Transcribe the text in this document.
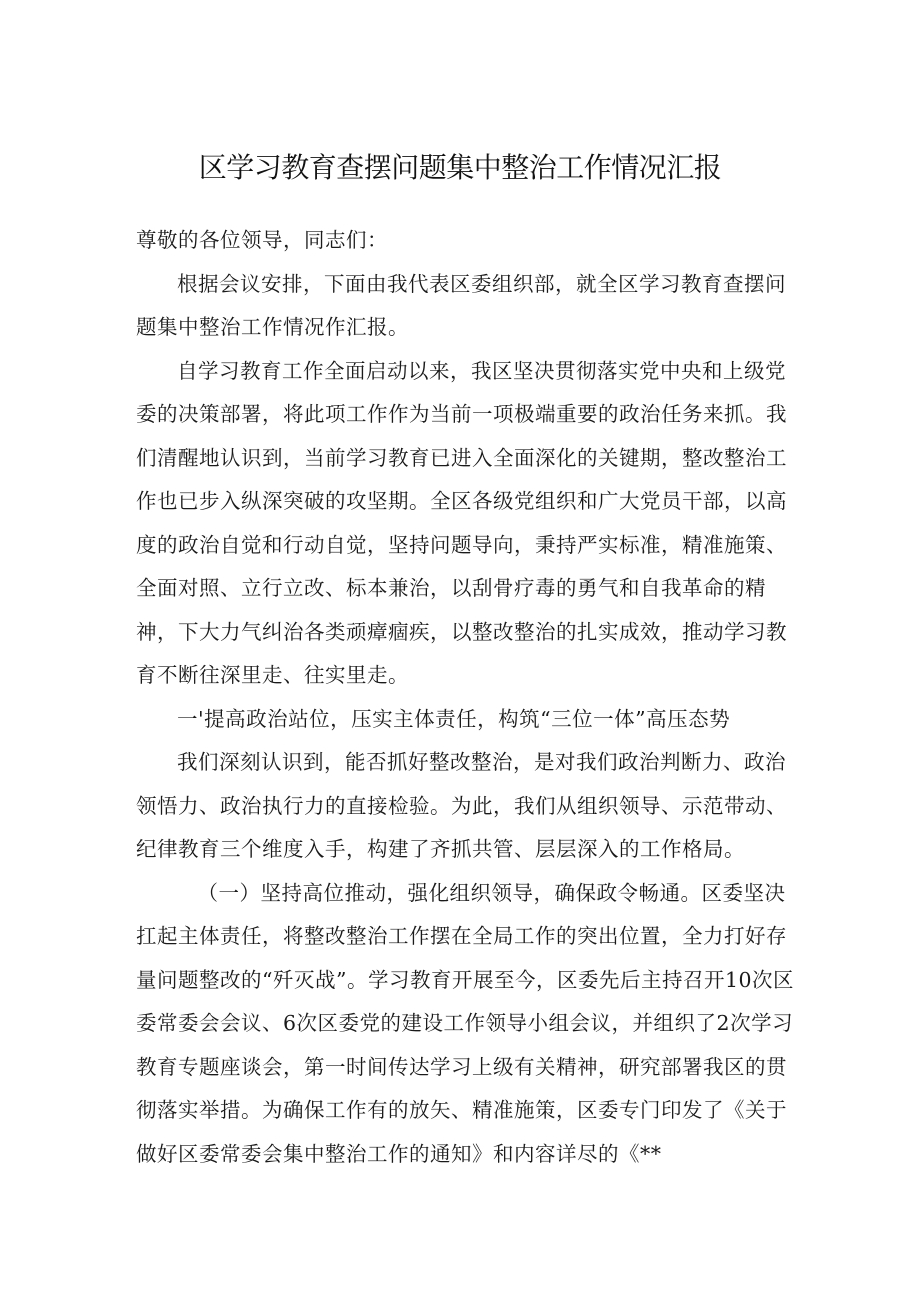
区学习教育查摆问题集中整治工作情况汇报

尊敬的各位领导，同志们：

根据会议安排，下面由我代表区委组织部，就全区学习教育查摆问题集中整治工作情况作汇报。

自学习教育工作全面启动以来，我区坚决贯彻落实党中央和上级党委的决策部署，将此项工作作为当前一项极端重要的政治任务来抓。我们清醒地认识到，当前学习教育已进入全面深化的关键期，整改整治工作也已步入纵深突破的攻坚期。全区各级党组织和广大党员干部，以高度的政治自觉和行动自觉，坚持问题导向，秉持严实标准，精准施策、全面对照、立行立改、标本兼治，以刮骨疗毒的勇气和自我革命的精神，下大力气纠治各类顽瘴痼疾，以整改整治的扎实成效，推动学习教育不断往深里走、往实里走。

一'提高政治站位，压实主体责任，构筑“三位一体”高压态势

我们深刻认识到，能否抓好整改整治，是对我们政治判断力、政治领悟力、政治执行力的直接检验。为此，我们从组织领导、示范带动、纪律教育三个维度入手，构建了齐抓共管、层层深入的工作格局。

（一）坚持高位推动，强化组织领导，确保政令畅通。区委坚决扛起主体责任，将整改整治工作摆在全局工作的突出位置，全力打好存量问题整改的“歼灭战”。学习教育开展至今，区委先后主持召开10次区委常委会会议、6次区委党的建设工作领导小组会议，并组织了2次学习教育专题座谈会，第一时间传达学习上级有关精神，研究部署我区的贯彻落实举措。为确保工作有的放矢、精准施策，区委专门印发了《关于做好区委常委会集中整治工作的通知》和内容详尽的《**
